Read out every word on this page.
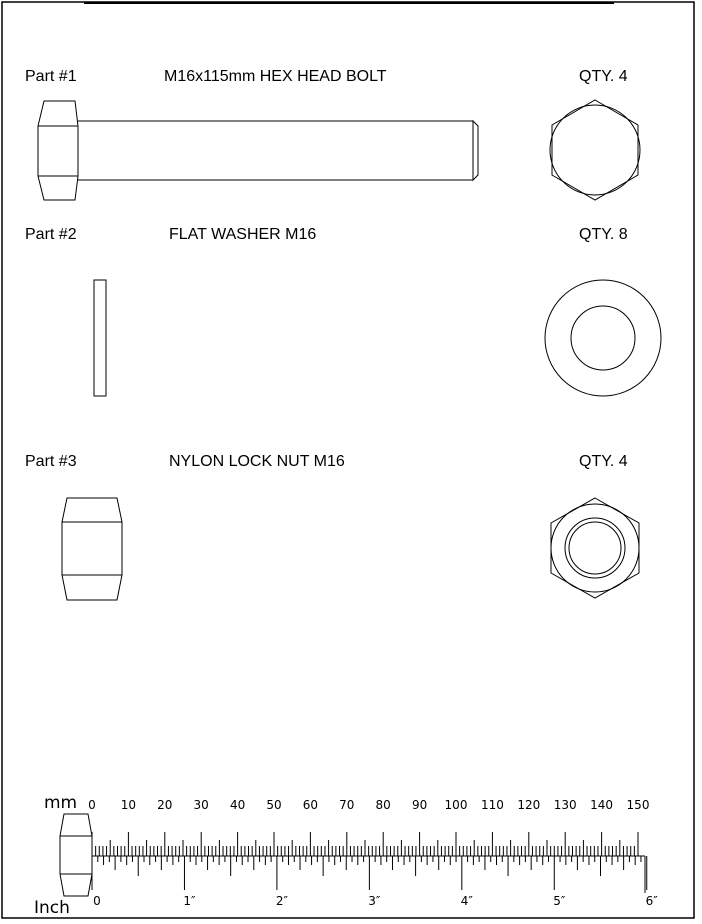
0 10 20 30 40 50 60 70 80 90 100 110 120 130 140 150
0	1″	2″	3″	4″	5″	6″
mm
Inch
Part #1	M16x115mm HEX HEAD BOLT	QTY. 4
Part #2	FLAT WASHER M16	QTY. 8
Part #3	NYLON LOCK NUT M16	QTY. 4
